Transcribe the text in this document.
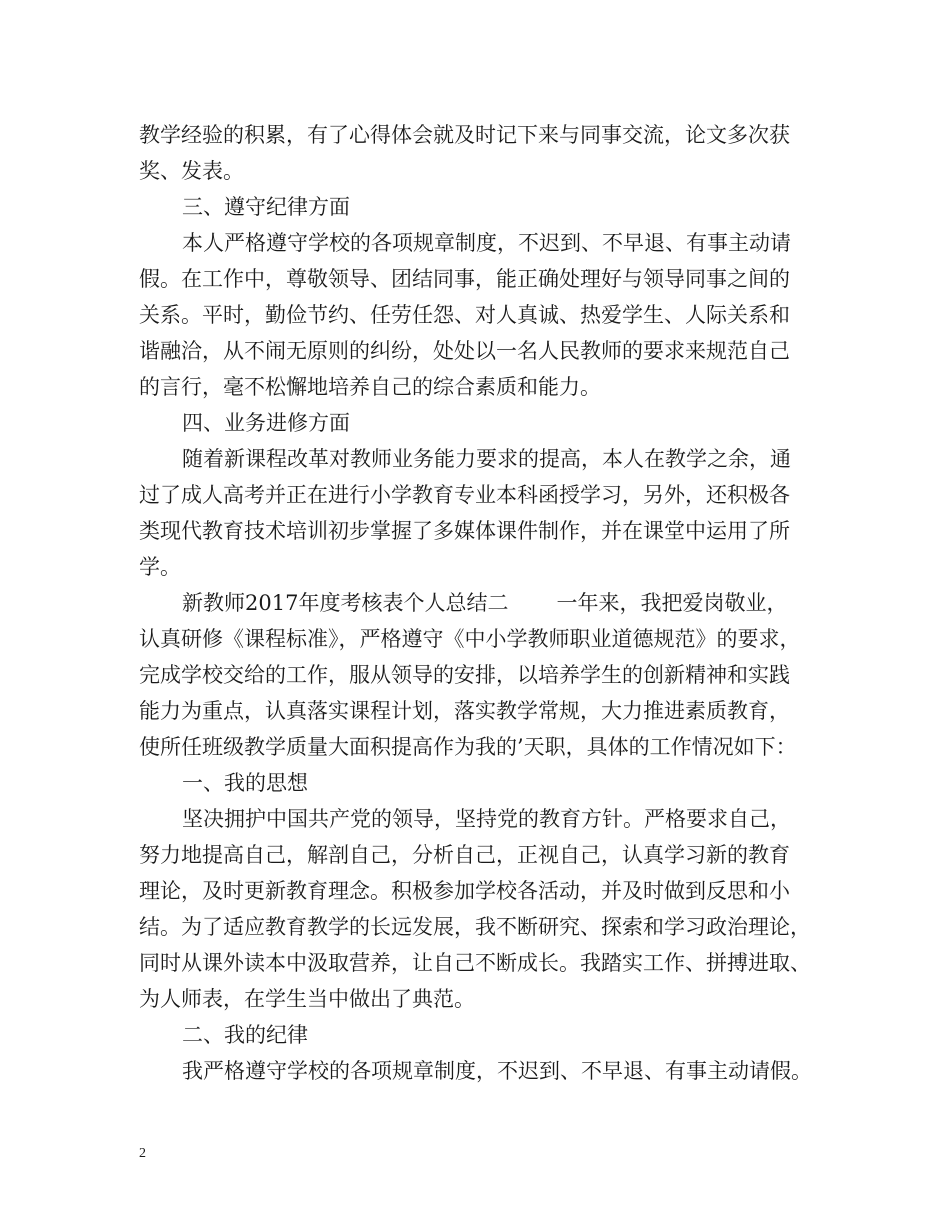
教学经验的积累，有了心得体会就及时记下来与同事交流，论文多次获
奖、发表。
三、遵守纪律方面
本人严格遵守学校的各项规章制度，不迟到、不早退、有事主动请
假。在工作中，尊敬领导、团结同事，能正确处理好与领导同事之间的
关系。平时，勤俭节约、任劳任怨、对人真诚、热爱学生、人际关系和
谐融洽，从不闹无原则的纠纷，处处以一名人民教师的要求来规范自己
的言行，毫不松懈地培养自己的综合素质和能力。
四、业务进修方面
随着新课程改革对教师业务能力要求的提高，本人在教学之余，通
过了成人高考并正在进行小学教育专业本科函授学习，另外，还积极各
类现代教育技术培训初步掌握了多媒体课件制作，并在课堂中运用了所
学。
新教师2017年度考核表个人总结二 一年来，我把爱岗敬业，
认真研修《课程标准》，严格遵守《中小学教师职业道德规范》的要求，
完成学校交给的工作，服从领导的安排，以培养学生的创新精神和实践
能力为重点，认真落实课程计划，落实教学常规，大力推进素质教育，
使所任班级教学质量大面积提高作为我的’天职，具体的工作情况如下：
一、我的思想
坚决拥护中国共产党的领导，坚持党的教育方针。严格要求自己，
努力地提高自己，解剖自己，分析自己，正视自己，认真学习新的教育
理论，及时更新教育理念。积极参加学校各活动，并及时做到反思和小
结。为了适应教育教学的长远发展，我不断研究、探索和学习政治理论，
同时从课外读本中汲取营养，让自己不断成长。我踏实工作、拼搏进取、
为人师表，在学生当中做出了典范。
二、我的纪律
我严格遵守学校的各项规章制度，不迟到、不早退、有事主动请假。
2
